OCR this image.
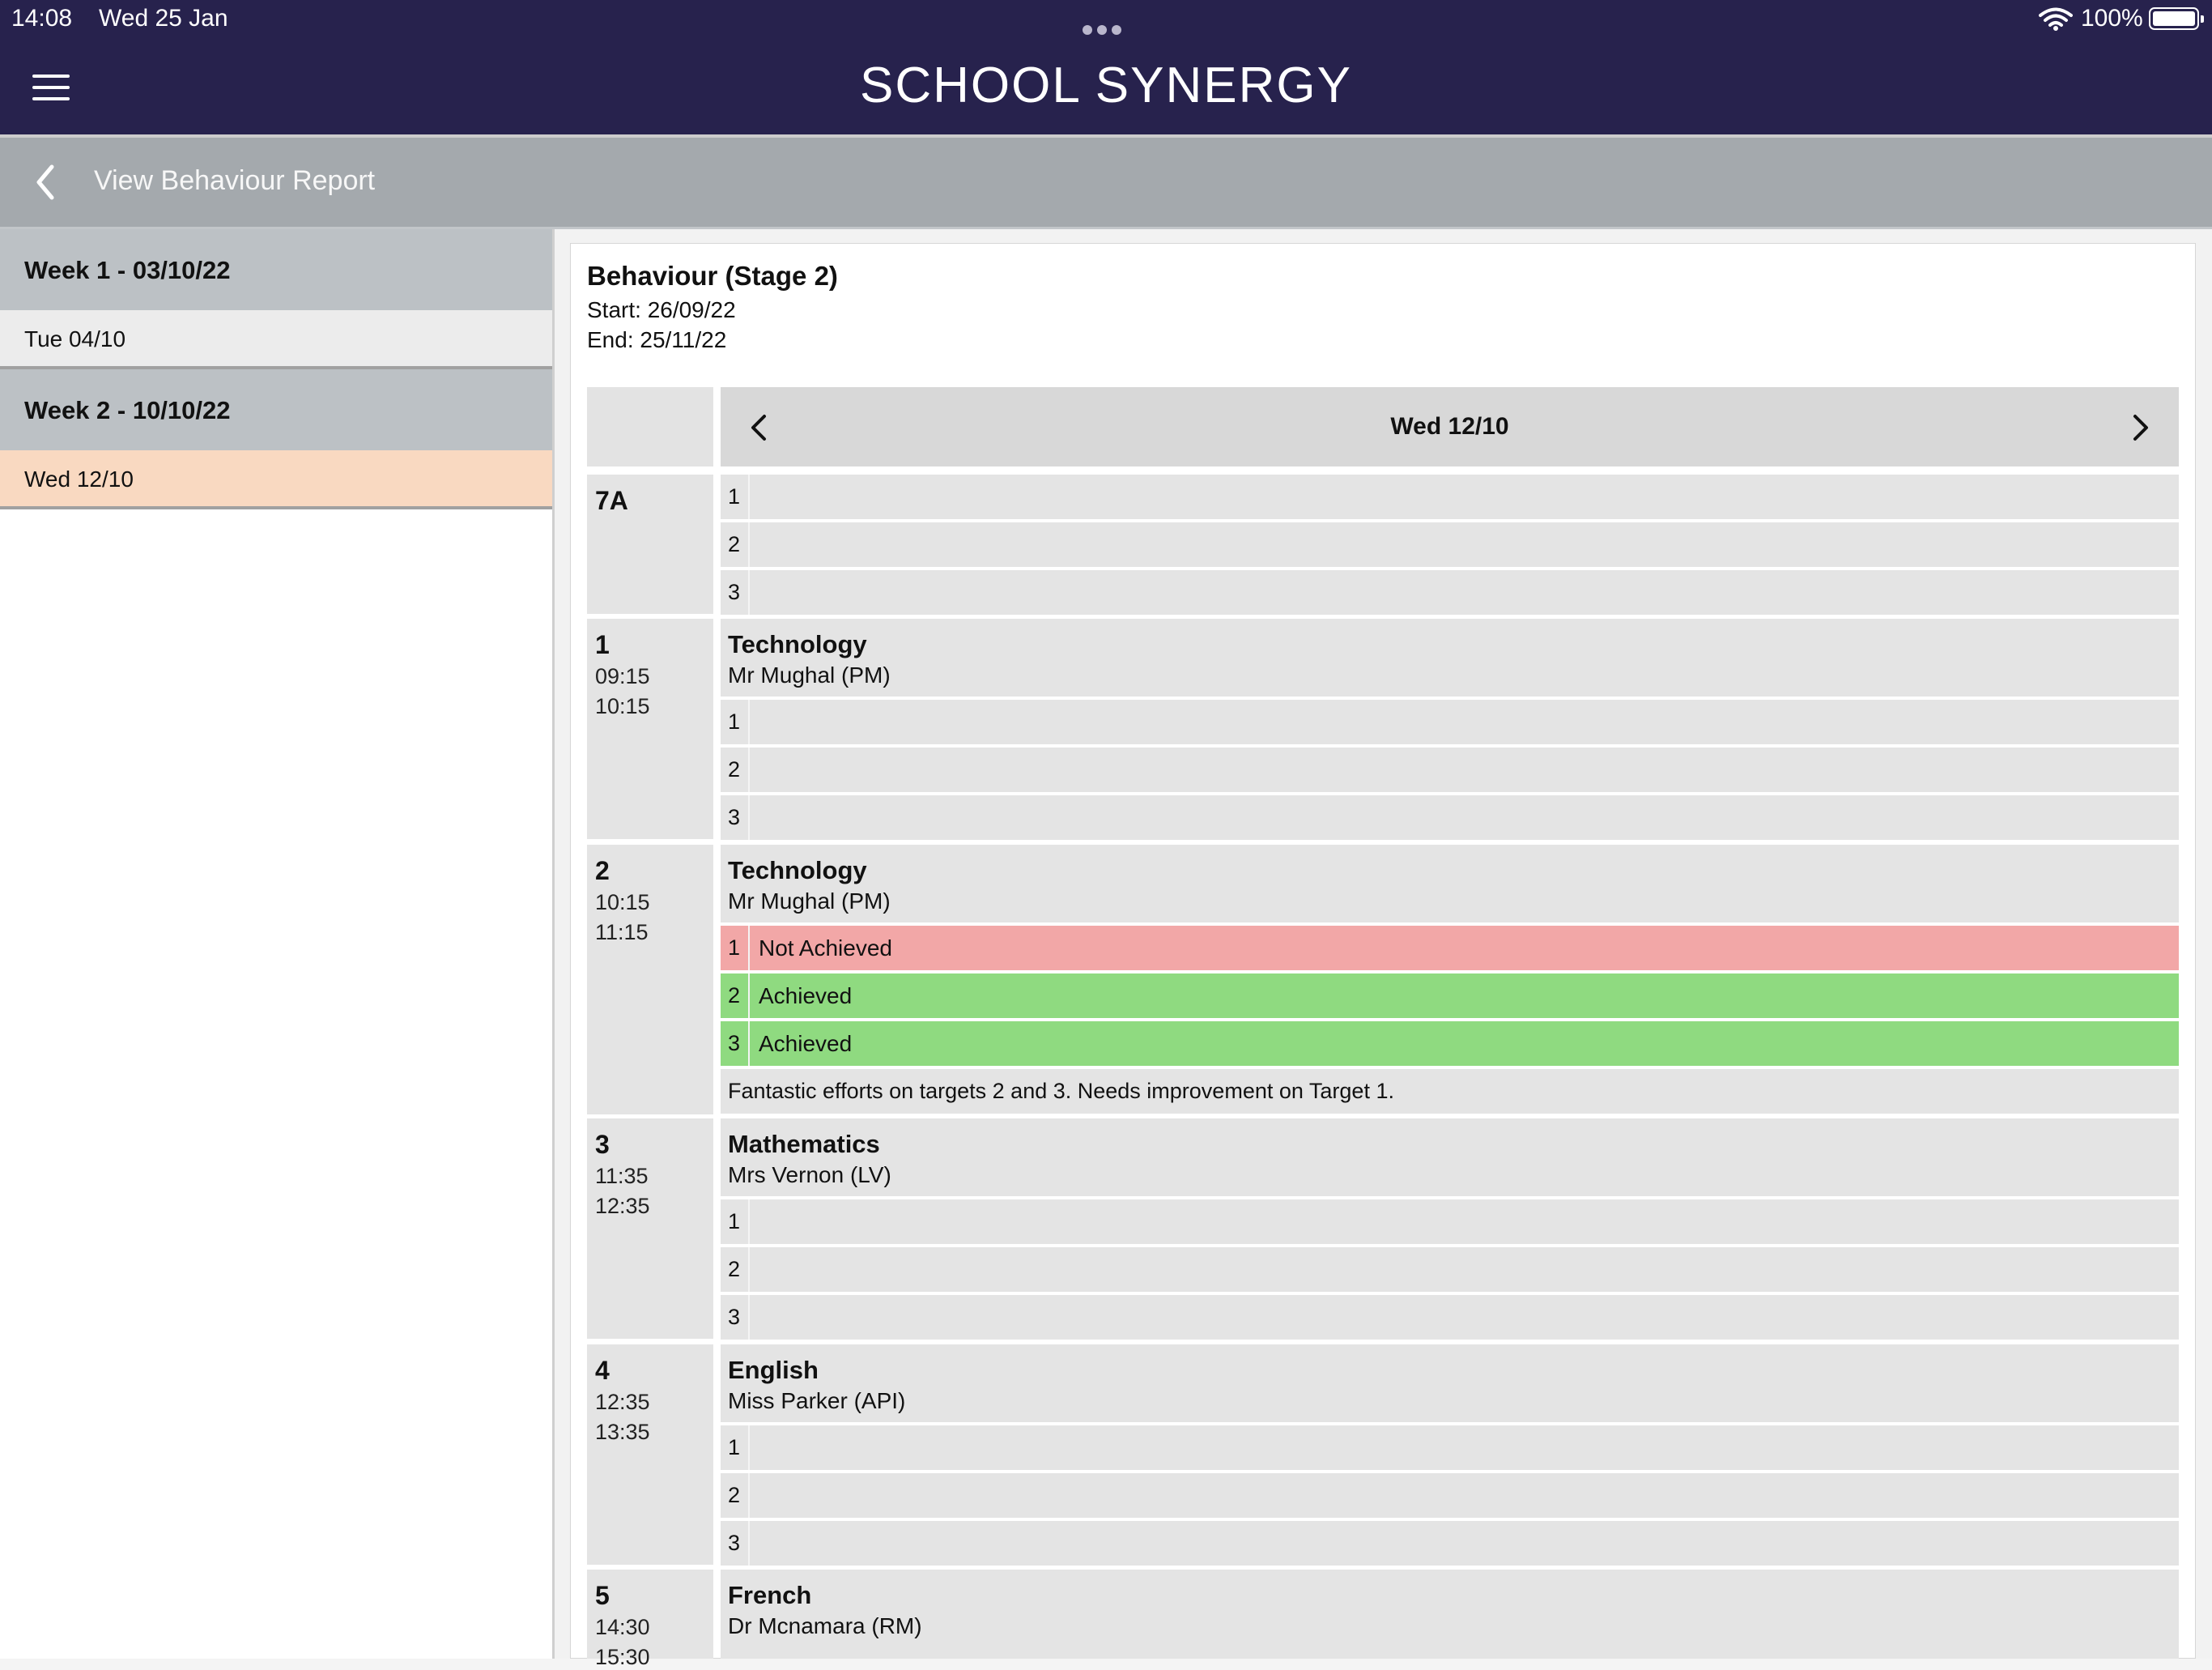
14:08 Wed 25 Jan	100%
SCHOOL SYNERGY
View Behaviour Report
Week 1 - 03/10/22
Tue 04/10
Week 2 - 10/10/22
Wed 12/10
Behaviour (Stage 2)
Start: 26/09/22
End: 25/11/22
Wed 12/10
7A	1
2
3
1
09:15
10:15
Technology
Mr Mughal (PM)
1
2
3
2
10:15
11:15
Technology
Mr Mughal (PM)
1 Not Achieved
2 Achieved
3 Achieved
Fantastic efforts on targets 2 and 3. Needs improvement on Target 1.
3
11:35
12:35
Mathematics
Mrs Vernon (LV)
1
2
3
4
12:35
13:35
English
Miss Parker (API)
1
2
3
5
14:30
15:30
French
Dr Mcnamara (RM)
